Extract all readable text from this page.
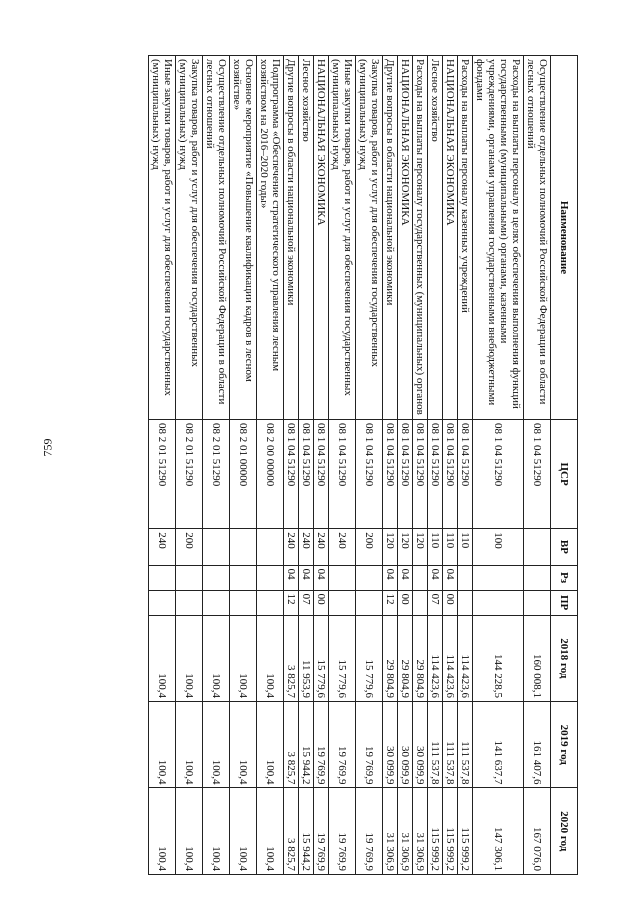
759
Наименование	ЦСР	ВР	Рз	ПР	2018 год	2019 год	2020 год
Осуществление отдельных полномочий Российской Федерации в области лесных отношений	08 1 04 51290				160 008,1	161 407,6	167 076,0
Расходы на выплаты персоналу в целях обеспечения выполнения функций государственными (муниципальными) органами, казенными учреждениями, органами управления государственными внебюджетными фондами	08 1 04 51290	100			144 228,5	141 637,7	147 306,1
Расходы на выплаты персоналу казенных учреждений	08 1 04 51290	110			114 423,6	111 537,8	115 999,2
НАЦИОНАЛЬНАЯ ЭКОНОМИКА	08 1 04 51290	110	04	00	114 423,6	111 537,8	115 999,2
Лесное хозяйство	08 1 04 51290	110	04	07	114 423,6	111 537,8	115 999,2
Расходы на выплаты персоналу государственных (муниципальных) органов	08 1 04 51290	120			29 804,9	30 099,9	31 306,9
НАЦИОНАЛЬНАЯ ЭКОНОМИКА	08 1 04 51290	120	04	00	29 804,9	30 099,9	31 306,9
Другие вопросы в области национальной экономики	08 1 04 51290	120	04	12	29 804,9	30 099,9	31 306,9
Закупка товаров, работ и услуг для обеспечения государственных (муниципальных) нужд	08 1 04 51290	200			15 779,6	19 769,9	19 769,9
Иные закупки товаров, работ и услуг для обеспечения государственных (муниципальных) нужд	08 1 04 51290	240			15 779,6	19 769,9	19 769,9
НАЦИОНАЛЬНАЯ ЭКОНОМИКА	08 1 04 51290	240	04	00	15 779,6	19 769,9	19 769,9
Лесное хозяйство	08 1 04 51290	240	04	07	11 953,9	15 944,2	15 944,2
Другие вопросы в области национальной экономики	08 1 04 51290	240	04	12	3 825,7	3 825,7	3 825,7
Подпрограмма «Обеспечение стратегического управления лесным хозяйством на 2016–2020 годы»	08 2 00 00000				100,4	100,4	100,4
Основное мероприятие «Повышение квалификации кадров в лесном хозяйстве»	08 2 01 00000				100,4	100,4	100,4
Осуществление отдельных полномочий Российской Федерации в области лесных отношений	08 2 01 51290				100,4	100,4	100,4
Закупка товаров, работ и услуг для обеспечения государственных (муниципальных) нужд	08 2 01 51290	200			100,4	100,4	100,4
Иные закупки товаров, работ и услуг для обеспечения государственных (муниципальных) нужд	08 2 01 51290	240			100,4	100,4	100,4
